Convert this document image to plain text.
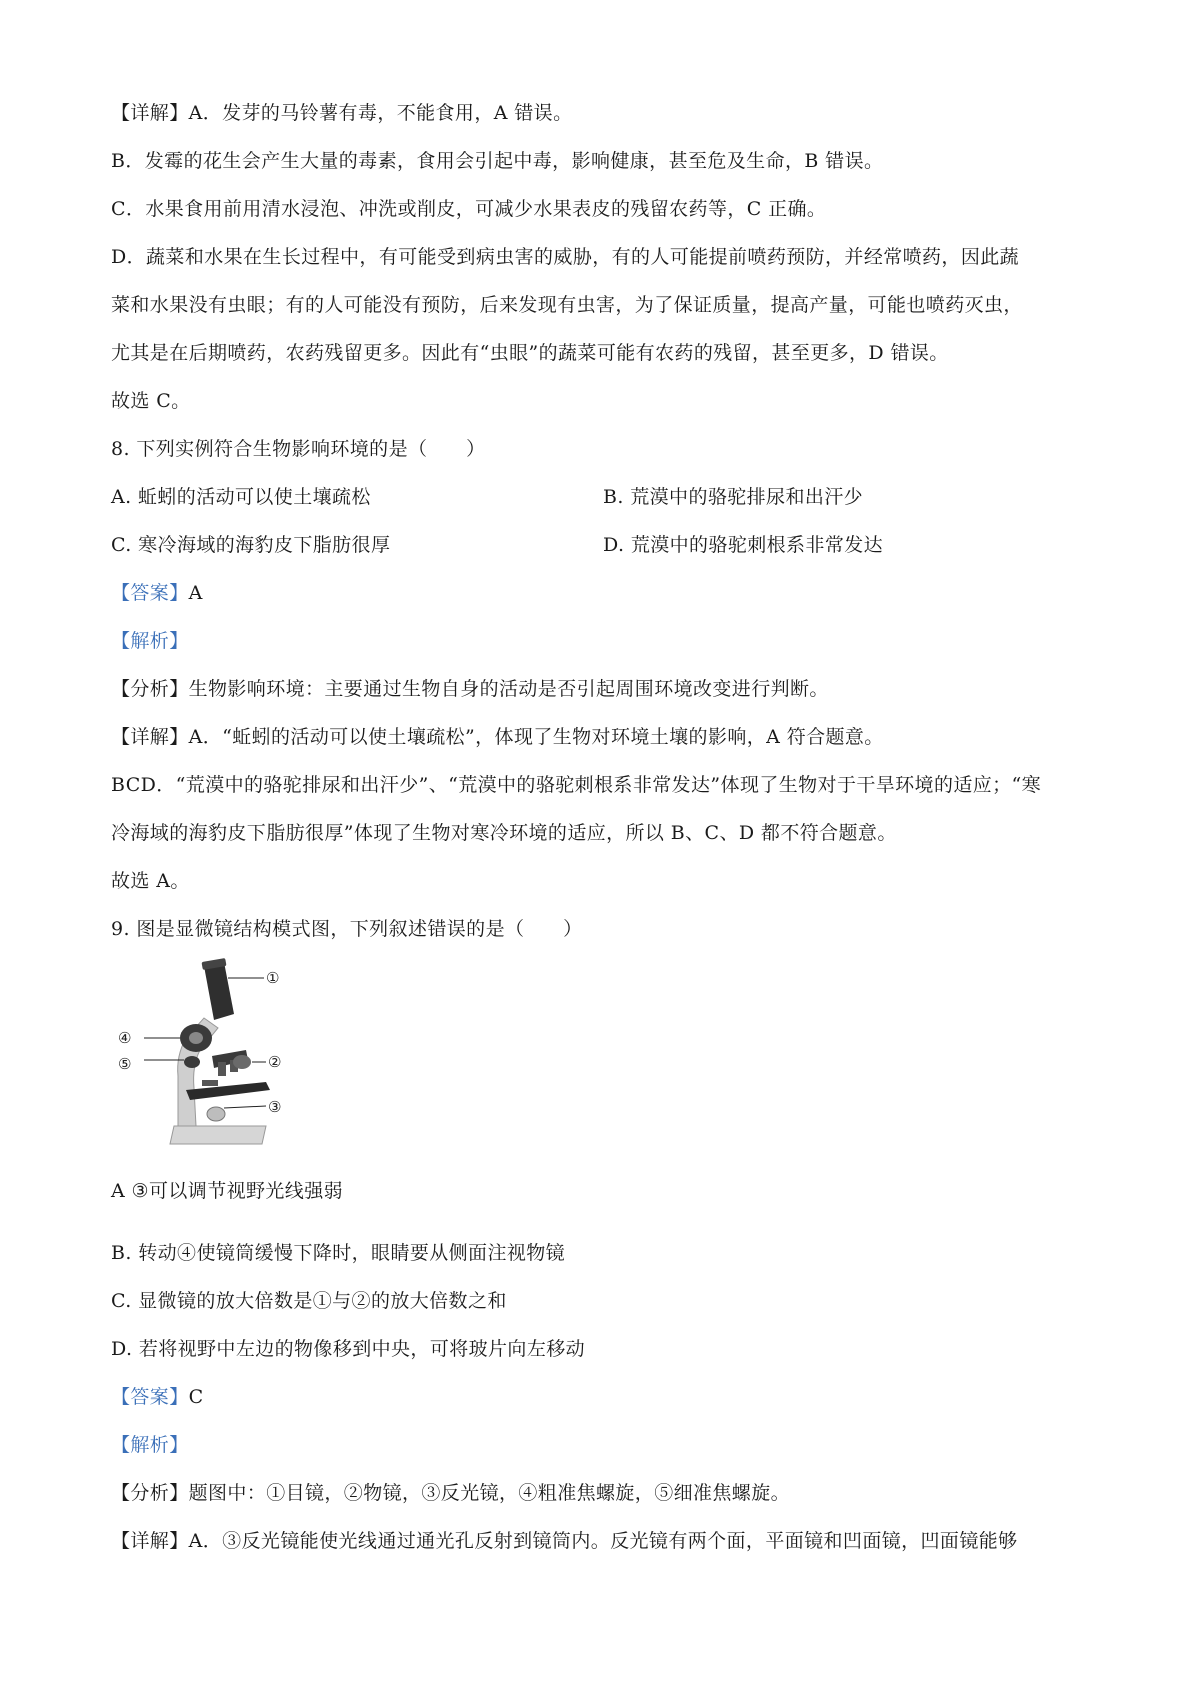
【详解】A．发芽的马铃薯有毒，不能食用，A 错误。
B．发霉的花生会产生大量的毒素，食用会引起中毒，影响健康，甚至危及生命，B 错误。
C．水果食用前用清水浸泡、冲洗或削皮，可减少水果表皮的残留农药等，C 正确。
D．蔬菜和水果在生长过程中，有可能受到病虫害的威胁，有的人可能提前喷药预防，并经常喷药，因此蔬
菜和水果没有虫眼；有的人可能没有预防，后来发现有虫害，为了保证质量，提高产量，可能也喷药灭虫，
尤其是在后期喷药，农药残留更多。因此有“虫眼”的蔬菜可能有农药的残留，甚至更多，D 错误。
故选 C。
8. 下列实例符合生物影响环境的是（　　）
A. 蚯蚓的活动可以使土壤疏松	B. 荒漠中的骆驼排尿和出汗少
C. 寒冷海域的海豹皮下脂肪很厚	D. 荒漠中的骆驼刺根系非常发达
【答案】A
【解析】
【分析】生物影响环境：主要通过生物自身的活动是否引起周围环境改变进行判断。
【详解】A．“蚯蚓的活动可以使土壤疏松”，体现了生物对环境土壤的影响，A 符合题意。
BCD．“荒漠中的骆驼排尿和出汗少”、“荒漠中的骆驼刺根系非常发达”体现了生物对于干旱环境的适应；“寒
冷海域的海豹皮下脂肪很厚”体现了生物对寒冷环境的适应，所以 B、C、D 都不符合题意。
故选 A。
9. 图是显微镜结构模式图，下列叙述错误的是（　　）
①
②
③
④
⑤
A ③可以调节视野光线强弱
B. 转动④使镜筒缓慢下降时，眼睛要从侧面注视物镜
C. 显微镜的放大倍数是①与②的放大倍数之和
D. 若将视野中左边的物像移到中央，可将玻片向左移动
【答案】C
【解析】
【分析】题图中：①目镜，②物镜，③反光镜，④粗准焦螺旋，⑤细准焦螺旋。
【详解】A．③反光镜能使光线通过通光孔反射到镜筒内。反光镜有两个面，平面镜和凹面镜，凹面镜能够
